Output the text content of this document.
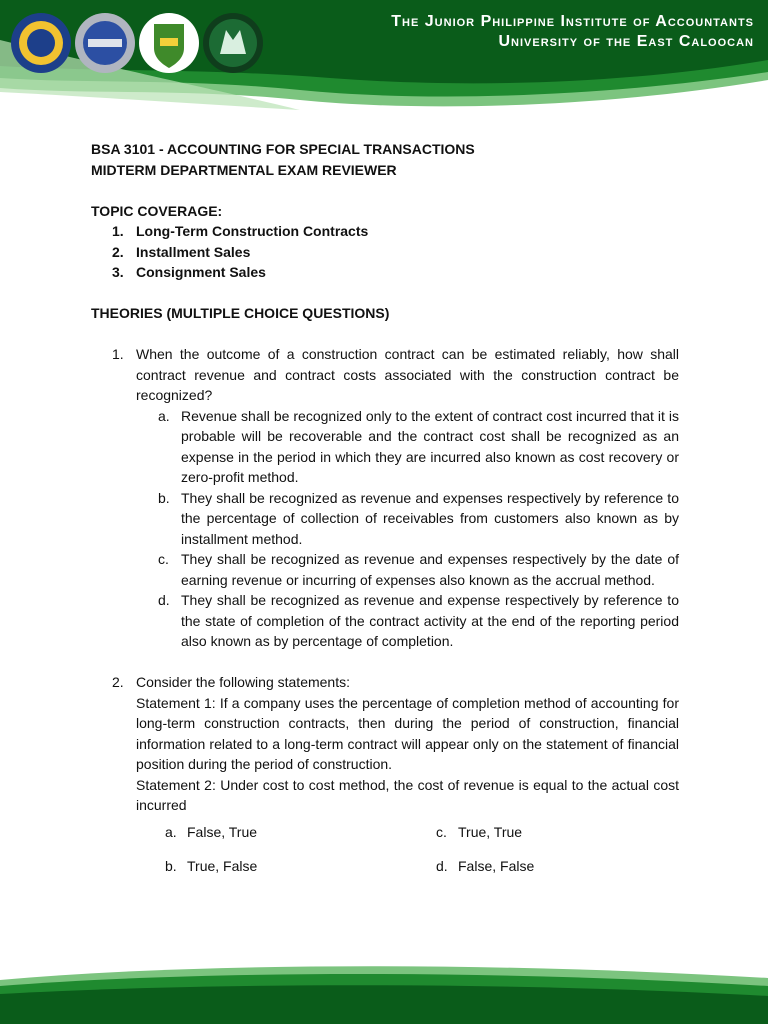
The Junior Philippine Institute of Accountants
University of the East Caloocan
BSA 3101 - ACCOUNTING FOR SPECIAL TRANSACTIONS
MIDTERM DEPARTMENTAL EXAM REVIEWER
TOPIC COVERAGE:
1. Long-Term Construction Contracts
2. Installment Sales
3. Consignment Sales
THEORIES (MULTIPLE CHOICE QUESTIONS)
1. When the outcome of a construction contract can be estimated reliably, how shall contract revenue and contract costs associated with the construction contract be recognized?
a. Revenue shall be recognized only to the extent of contract cost incurred that it is probable will be recoverable and the contract cost shall be recognized as an expense in the period in which they are incurred also known as cost recovery or zero-profit method.
b. They shall be recognized as revenue and expenses respectively by reference to the percentage of collection of receivables from customers also known as by installment method.
c. They shall be recognized as revenue and expenses respectively by the date of earning revenue or incurring of expenses also known as the accrual method.
d. They shall be recognized as revenue and expense respectively by reference to the state of completion of the contract activity at the end of the reporting period also known as by percentage of completion.
2. Consider the following statements:
Statement 1: If a company uses the percentage of completion method of accounting for long-term construction contracts, then during the period of construction, financial information related to a long-term contract will appear only on the statement of financial position during the period of construction.
Statement 2: Under cost to cost method, the cost of revenue is equal to the actual cost incurred
a. False, True
b. True, False
c. True, True
d. False, False
